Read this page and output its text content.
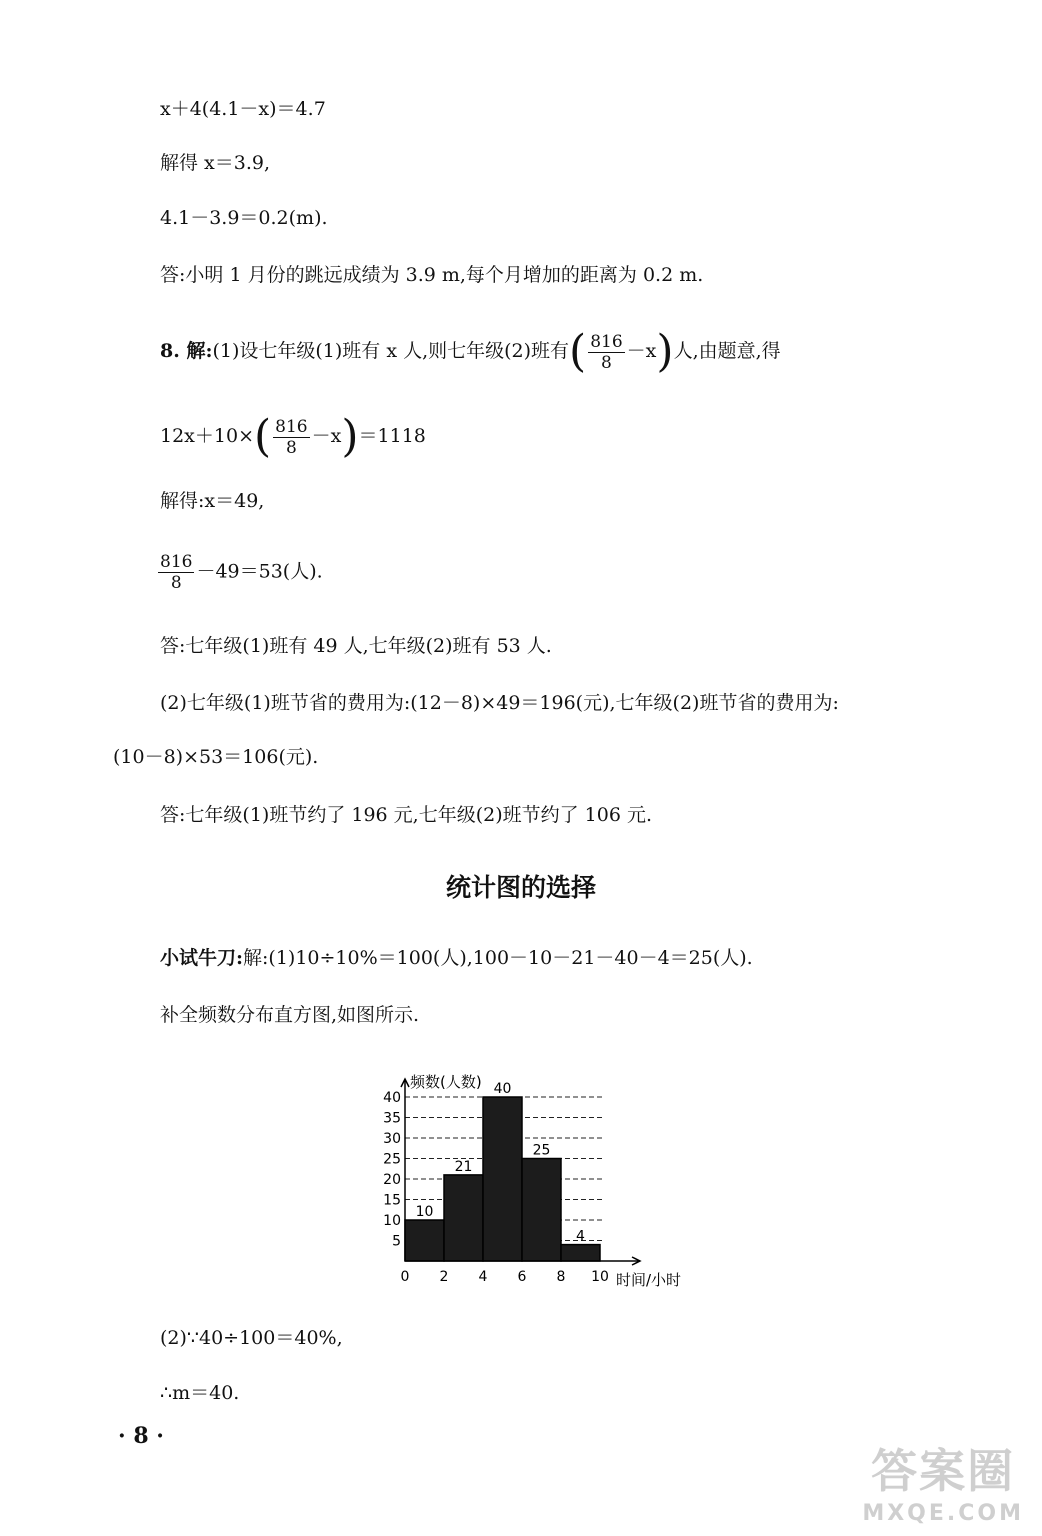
x＋4(4.1－x)＝4.7
解得 x＝3.9,
4.1－3.9＝0.2(m).
答:小明 1 月份的跳远成绩为 3.9 m,每个月增加的距离为 0.2 m.
8. 解:(1)设七年级(1)班有 x 人,则七年级(2)班有( $\frac{816}{8} -x$)人,由题意,得
$12x+10\times( \frac{816}{8} -x)=1118$
解得:x＝49,
$\frac{816}{8} -49=53$(人).
答:七年级(1)班有 49 人,七年级(2)班有 53 人.
(2)七年级(1)班节省的费用为:(12－8)×49＝196(元),七年级(2)班节省的费用为:
(10－8)×53＝106(元).
答:七年级(1)班节约了 196 元,七年级(2)班节约了 106 元.
统计图的选择
小试牛刀:解:(1)10÷10%＝100(人),100－10－21－40－4＝25(人).
补全频数分布直方图,如图所示.
5
10
15
20
25
30
35
40
10
21
40
25
4
0 2 4 6 8 10
频数(人数)
时间/小时
(2)∵40÷100＝40%,
∴m＝40.
· 8 ·
答案圈
MXQE.COM
